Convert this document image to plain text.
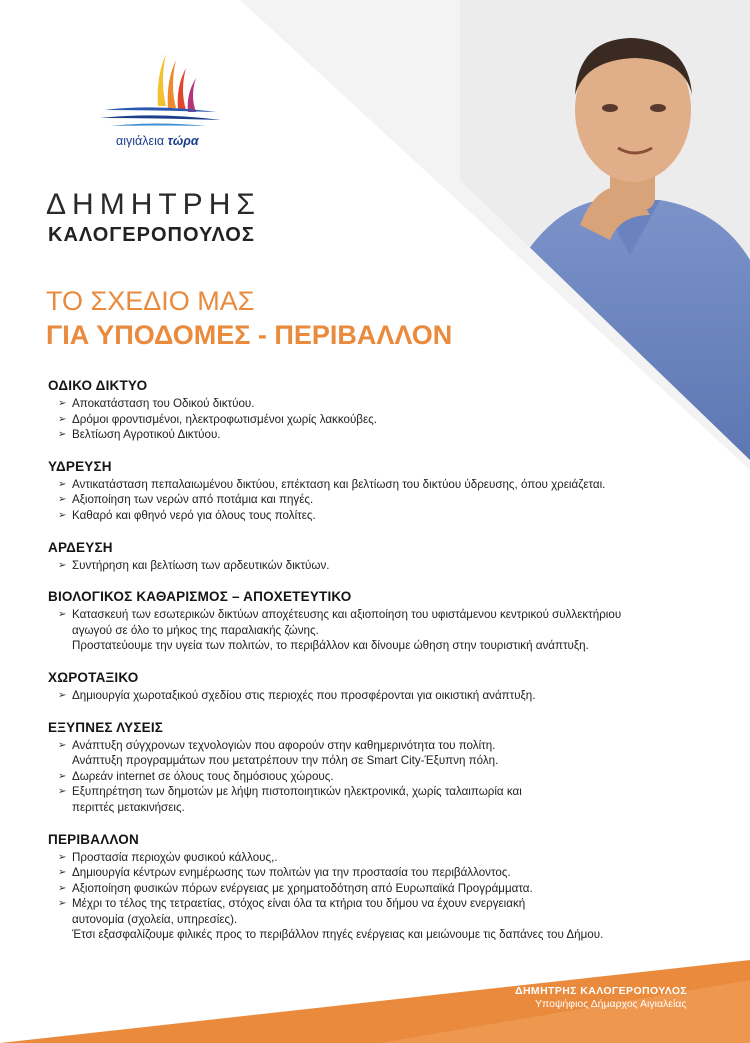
αιγιάλεια τώρα
ΔΗΜΗΤΡΗΣ
ΚΑΛΟΓΕΡΟΠΟΥΛΟΣ
ΤΟ ΣΧΕΔΙΟ ΜΑΣ
ΓΙΑ ΥΠΟΔΟΜΕΣ - ΠΕΡΙΒΑΛΛΟΝ
ΟΔΙΚΟ ΔΙΚΤΥΟ
➢ Αποκατάσταση του Οδικού δικτύου.
➢ Δρόμοι φροντισμένοι, ηλεκτροφωτισμένοι χωρίς λακκούβες.
➢ Βελτίωση Αγροτικού Δικτύου.
ΥΔΡΕΥΣΗ
➢ Αντικατάσταση πεπαλαιωμένου δικτύου, επέκταση και βελτίωση του δικτύου ύδρευσης, όπου χρειάζεται.
➢ Αξιοποίηση των νερών από ποτάμια και πηγές.
➢ Καθαρό και φθηνό νερό για όλους τους πολίτες.
ΑΡΔΕΥΣΗ
➢ Συντήρηση και βελτίωση των αρδευτικών δικτύων.
ΒΙΟΛΟΓΙΚΟΣ ΚΑΘΑΡΙΣΜΟΣ – ΑΠΟΧΕΤΕΥΤΙΚΟ
➢ Κατασκευή των εσωτερικών δικτύων αποχέτευσης και αξιοποίηση του υφιστάμενου κεντρικού συλλεκτήριου
αγωγού σε όλο το μήκος της παραλιακής ζώνης.
Προστατεύουμε την υγεία των πολιτών, το περιβάλλον και δίνουμε ώθηση στην τουριστική ανάπτυξη.
ΧΩΡΟΤΑΞΙΚΟ
➢ Δημιουργία χωροταξικού σχεδίου στις περιοχές που προσφέρονται για οικιστική ανάπτυξη.
ΕΞΥΠΝΕΣ ΛΥΣΕΙΣ
➢ Ανάπτυξη σύγχρονων τεχνολογιών που αφορούν στην καθημερινότητα του πολίτη.
Ανάπτυξη προγραμμάτων που μετατρέπουν την πόλη σε Smart City-Έξυπνη πόλη.
➢ Δωρεάν internet σε όλους τους δημόσιους χώρους.
➢ Εξυπηρέτηση των δημοτών με λήψη πιστοποιητικών ηλεκτρονικά, χωρίς ταλαιπωρία και
περιττές μετακινήσεις.
ΠΕΡΙΒΑΛΛΟΝ
➢ Προστασία περιοχών φυσικού κάλλους,.
➢ Δημιουργία κέντρων ενημέρωσης των πολιτών για την προστασία του περιβάλλοντος.
➢ Αξιοποίηση φυσικών πόρων ενέργειας με χρηματοδότηση από Ευρωπαϊκά Προγράμματα.
➢ Μέχρι το τέλος της τετραετίας, στόχος είναι όλα τα κτήρια του δήμου να έχουν ενεργειακή
αυτονομία (σχολεία, υπηρεσίες).
Έτσι εξασφαλίζουμε φιλικές προς το περιβάλλον πηγές ενέργειας και μειώνουμε τις δαπάνες του Δήμου.
ΔΗΜΗΤΡΗΣ ΚΑΛΟΓΕΡΟΠΟΥΛΟΣ
Υποψήφιος Δήμαρχος Αιγιαλείας
